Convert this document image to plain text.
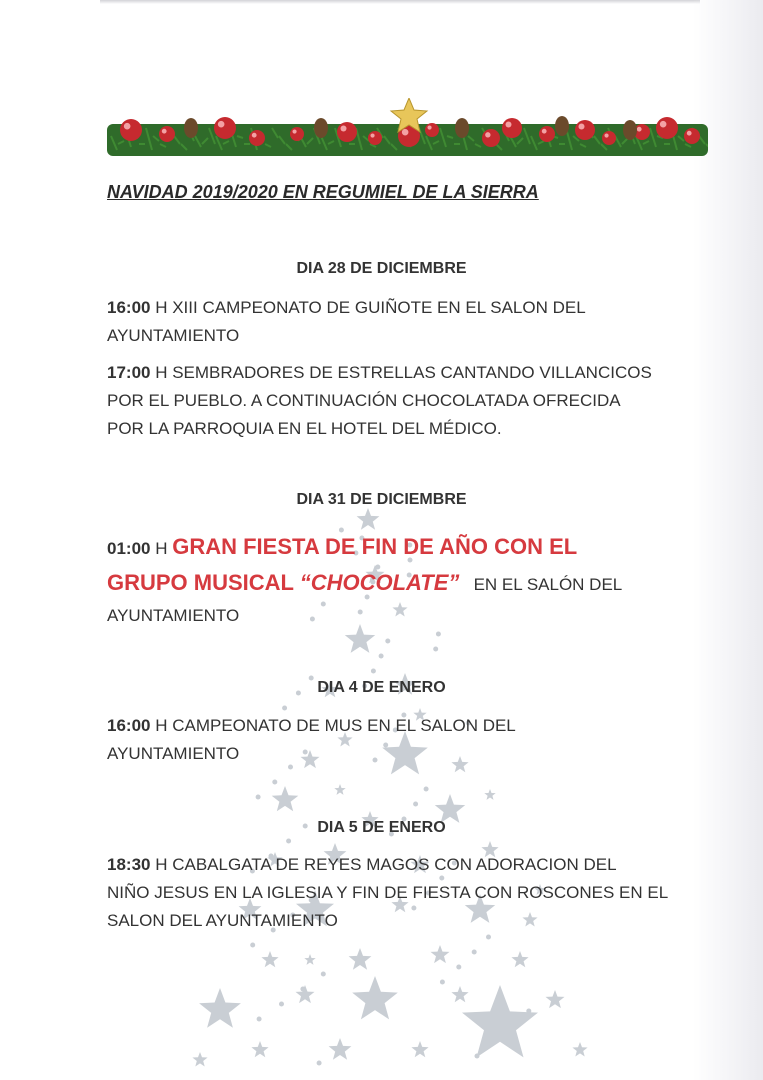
NAVIDAD 2019/2020 EN REGUMIEL DE LA SIERRA
DIA 28 DE DICIEMBRE
16:00 H XIII CAMPEONATO DE GUIÑOTE EN EL SALON DEL
AYUNTAMIENTO
17:00 H SEMBRADORES DE ESTRELLAS CANTANDO VILLANCICOS
POR EL PUEBLO. A CONTINUACIÓN CHOCOLATADA OFRECIDA
POR LA PARROQUIA EN EL HOTEL DEL MÉDICO.
DIA 31 DE DICIEMBRE
01:00 H GRAN FIESTA DE FIN DE AÑO CON EL
GRUPO MUSICAL “CHOCOLATE” EN EL SALÓN DEL
AYUNTAMIENTO
DIA 4 DE ENERO
16:00 H CAMPEONATO DE MUS EN EL SALON DEL
AYUNTAMIENTO
DIA 5 DE ENERO
18:30 H CABALGATA DE REYES MAGOS CON ADORACION DEL
NIÑO JESUS EN LA IGLESIA Y FIN DE FIESTA CON ROSCONES EN EL
SALON DEL AYUNTAMIENTO
